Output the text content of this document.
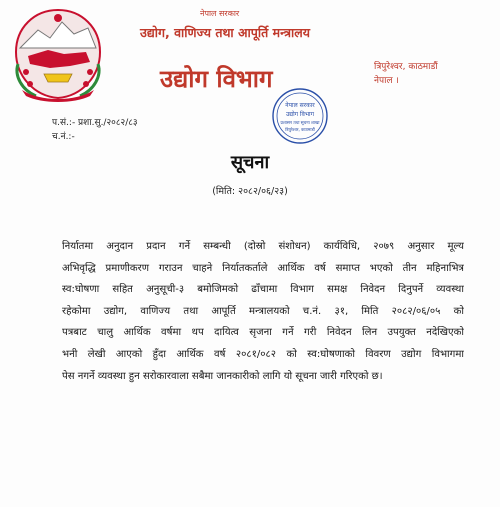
नेपाल सरकार
उद्योग, वाणिज्य तथा आपूर्ति मन्त्रालय
उद्योग विभाग	त्रिपुरेश्वर, काठमाडौं
नेपाल ।
नेपाल सरकार
उद्योग विभाग
प्रशासन तथा सूचना शाखा
त्रिपुरेश्वर, काठमाडौं
प.सं.:- प्रशा.सु./२०८२/८३
च.नं.:-
सूचना
(मिति: २०८२/०६/२३)
निर्यातमा अनुदान प्रदान गर्ने सम्बन्धी (दोस्रो संशोधन) कार्यविधि, २०७९ अनुसार मूल्य
अभिवृद्धि प्रमाणीकरण गराउन चाहने निर्यातकर्ताले आर्थिक वर्ष समाप्त भएको तीन महिनाभित्र
स्व:घोषणा सहित अनुसूची-३ बमोजिमको ढाँचामा विभाग समक्ष निवेदन दिनुपर्ने व्यवस्था
रहेकोमा उद्योग, वाणिज्य तथा आपूर्ति मन्त्रालयको च.नं. ३१, मिति २०८२/०६/०५ को
पत्रबाट चालु आर्थिक वर्षमा थप दायित्व सृजना गर्ने गरी निवेदन लिन उपयुक्त नदेखिएको
भनी लेखी आएको हुँदा आर्थिक वर्ष २०८१/०८२ को स्व:घोषणाको विवरण उद्योग विभागमा
पेस नगर्ने व्यवस्था हुन सरोकारवाला सबैमा जानकारीको लागि यो सूचना जारी गरिएको छ।
